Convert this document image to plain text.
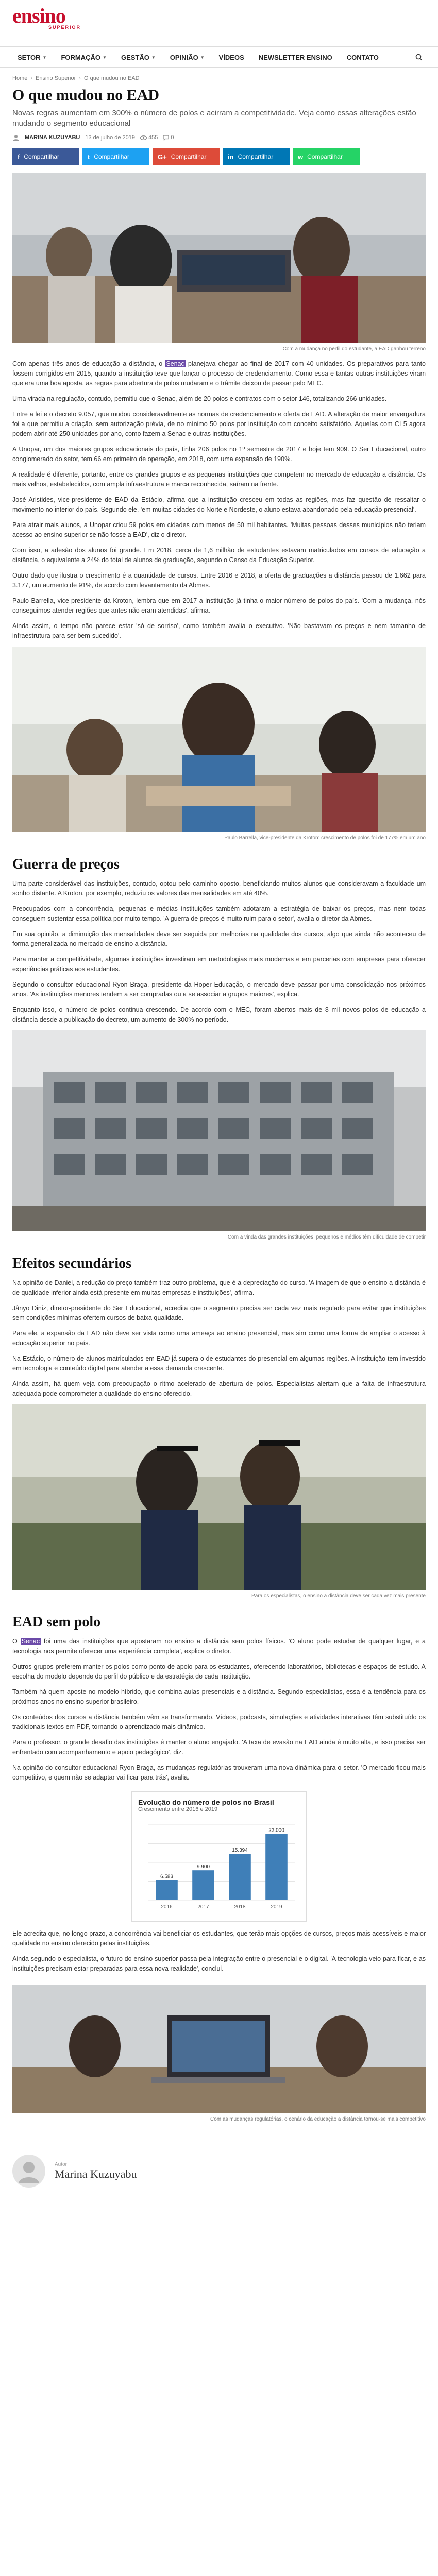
ensino
SUPERIOR
SETOR ▼ FORMAÇÃO ▼ GESTÃO ▼ OPINIÃO ▼ VÍDEOS NEWSLETTER ENSINO CONTATO
Home › Ensino Superior › O que mudou no EAD
O que mudou no EAD

Novas regras aumentam em 300% o número de polos e acirram a competitividade. Veja como essas alterações estão mudando o segmento educacional

MARINA KUZUYABU 13 de julho de 2019 455 0
f Compartilhar	t Compartilhar	G+ Compartilhar	in Compartilhar	w Compartilhar
Com a mudança no perfil do estudante, a EAD ganhou terreno

Com apenas três anos de educação a distância, o Senac planejava chegar ao final de 2017 com 40 unidades. Os preparativos para tanto fossem corrigidos em 2015, quando a instituição teve que lançar o processo de credenciamento. Como essa e tantas outras instituições viram que era uma boa aposta, as regras para abertura de polos mudaram e o trâmite deixou de passar pelo MEC.

Uma virada na regulação, contudo, permitiu que o Senac, além de 20 polos e contratos com o setor 146, totalizando 266 unidades.

Entre a lei e o decreto 9.057, que mudou consideravelmente as normas de credenciamento e oferta de EAD. A alteração de maior envergadura foi a que permitiu a criação, sem autorização prévia, de no mínimo 50 polos por instituição com conceito satisfatório. Aquelas com CI 5 agora podem abrir até 250 unidades por ano, como fazem a Senac e outras instituições.

A Unopar, um dos maiores grupos educacionais do país, tinha 206 polos no 1º semestre de 2017 e hoje tem 909. O Ser Educacional, outro conglomerado do setor, tem 66 em primeiro de operação, em 2018, com uma expansão de 190%.

A realidade é diferente, portanto, entre os grandes grupos e as pequenas instituições que competem no mercado de educação a distância. Os mais velhos, estabelecidos, com ampla infraestrutura e marca reconhecida, saíram na frente.

José Aristides, vice-presidente de EAD da Estácio, afirma que a instituição cresceu em todas as regiões, mas faz questão de ressaltar o movimento no interior do país. Segundo ele, 'em muitas cidades do Norte e Nordeste, o aluno estava abandonado pela educação presencial'.

Para atrair mais alunos, a Unopar criou 59 polos em cidades com menos de 50 mil habitantes. 'Muitas pessoas desses municípios não teriam acesso ao ensino superior se não fosse a EAD', diz o diretor.

Com isso, a adesão dos alunos foi grande. Em 2018, cerca de 1,6 milhão de estudantes estavam matriculados em cursos de educação a distância, o equivalente a 24% do total de alunos de graduação, segundo o Censo da Educação Superior.

Outro dado que ilustra o crescimento é a quantidade de cursos. Entre 2016 e 2018, a oferta de graduações a distância passou de 1.662 para 3.177, um aumento de 91%, de acordo com levantamento da Abmes.

Paulo Barrella, vice-presidente da Kroton, lembra que em 2017 a instituição já tinha o maior número de polos do país. 'Com a mudança, nós conseguimos atender regiões que antes não eram atendidas', afirma.

Ainda assim, o tempo não parece estar 'só de sorriso', como também avalia o executivo. 'Não bastavam os preços e nem tamanho de infraestrutura para ser bem-sucedido'.

Paulo Barrella, vice-presidente da Kroton: crescimento de polos foi de 177% em um ano
Guerra de preços

Uma parte considerável das instituições, contudo, optou pelo caminho oposto, beneficiando muitos alunos que consideravam a faculdade um sonho distante. A Kroton, por exemplo, reduziu os valores das mensalidades em até 40%.

Preocupados com a concorrência, pequenas e médias instituições também adotaram a estratégia de baixar os preços, mas nem todas conseguem sustentar essa política por muito tempo. 'A guerra de preços é muito ruim para o setor', avalia o diretor da Abmes.

Em sua opinião, a diminuição das mensalidades deve ser seguida por melhorias na qualidade dos cursos, algo que ainda não aconteceu de forma generalizada no mercado de ensino a distância.

Para manter a competitividade, algumas instituições investiram em metodologias mais modernas e em parcerias com empresas para oferecer experiências práticas aos estudantes.

Segundo o consultor educacional Ryon Braga, presidente da Hoper Educação, o mercado deve passar por uma consolidação nos próximos anos. 'As instituições menores tendem a ser compradas ou a se associar a grupos maiores', explica.

Enquanto isso, o número de polos continua crescendo. De acordo com o MEC, foram abertos mais de 8 mil novos polos de educação a distância desde a publicação do decreto, um aumento de 300% no período.

Com a vinda das grandes instituições, pequenos e médios têm dificuldade de competir
Efeitos secundários

Na opinião de Daniel, a redução do preço também traz outro problema, que é a depreciação do curso. 'A imagem de que o ensino a distância é de qualidade inferior ainda está presente em muitas empresas e instituições', afirma.

Jânyo Diniz, diretor-presidente do Ser Educacional, acredita que o segmento precisa ser cada vez mais regulado para evitar que instituições sem condições mínimas ofertem cursos de baixa qualidade.

Para ele, a expansão da EAD não deve ser vista como uma ameaça ao ensino presencial, mas sim como uma forma de ampliar o acesso à educação superior no país.

Na Estácio, o número de alunos matriculados em EAD já supera o de estudantes do presencial em algumas regiões. A instituição tem investido em tecnologia e conteúdo digital para atender a essa demanda crescente.

Ainda assim, há quem veja com preocupação o ritmo acelerado de abertura de polos. Especialistas alertam que a falta de infraestrutura adequada pode comprometer a qualidade do ensino oferecido.

Para os especialistas, o ensino a distância deve ser cada vez mais presente
EAD sem polo

O Senac foi uma das instituições que apostaram no ensino a distância sem polos físicos. 'O aluno pode estudar de qualquer lugar, e a tecnologia nos permite oferecer uma experiência completa', explica o diretor.

Outros grupos preferem manter os polos como ponto de apoio para os estudantes, oferecendo laboratórios, bibliotecas e espaços de estudo. A escolha do modelo depende do perfil do público e da estratégia de cada instituição.

Também há quem aposte no modelo híbrido, que combina aulas presenciais e a distância. Segundo especialistas, essa é a tendência para os próximos anos no ensino superior brasileiro.

Os conteúdos dos cursos a distância também vêm se transformando. Vídeos, podcasts, simulações e atividades interativas têm substituído os tradicionais textos em PDF, tornando o aprendizado mais dinâmico.

Para o professor, o grande desafio das instituições é manter o aluno engajado. 'A taxa de evasão na EAD ainda é muito alta, e isso precisa ser enfrentado com acompanhamento e apoio pedagógico', diz.

Na opinião do consultor educacional Ryon Braga, as mudanças regulatórias trouxeram uma nova dinâmica para o setor. 'O mercado ficou mais competitivo, e quem não se adaptar vai ficar para trás', avalia.

Evolução do número de polos no Brasil
Crescimento entre 2016 e 2019
6.583
2016
9.900
2017
15.394
2018
22.000
2019

Ele acredita que, no longo prazo, a concorrência vai beneficiar os estudantes, que terão mais opções de cursos, preços mais acessíveis e maior qualidade no ensino oferecido pelas instituições.

Ainda segundo o especialista, o futuro do ensino superior passa pela integração entre o presencial e o digital. 'A tecnologia veio para ficar, e as instituições precisam estar preparadas para essa nova realidade', conclui.

Com as mudanças regulatórias, o cenário da educação a distância tornou-se mais competitivo
Autor
Marina Kuzuyabu
